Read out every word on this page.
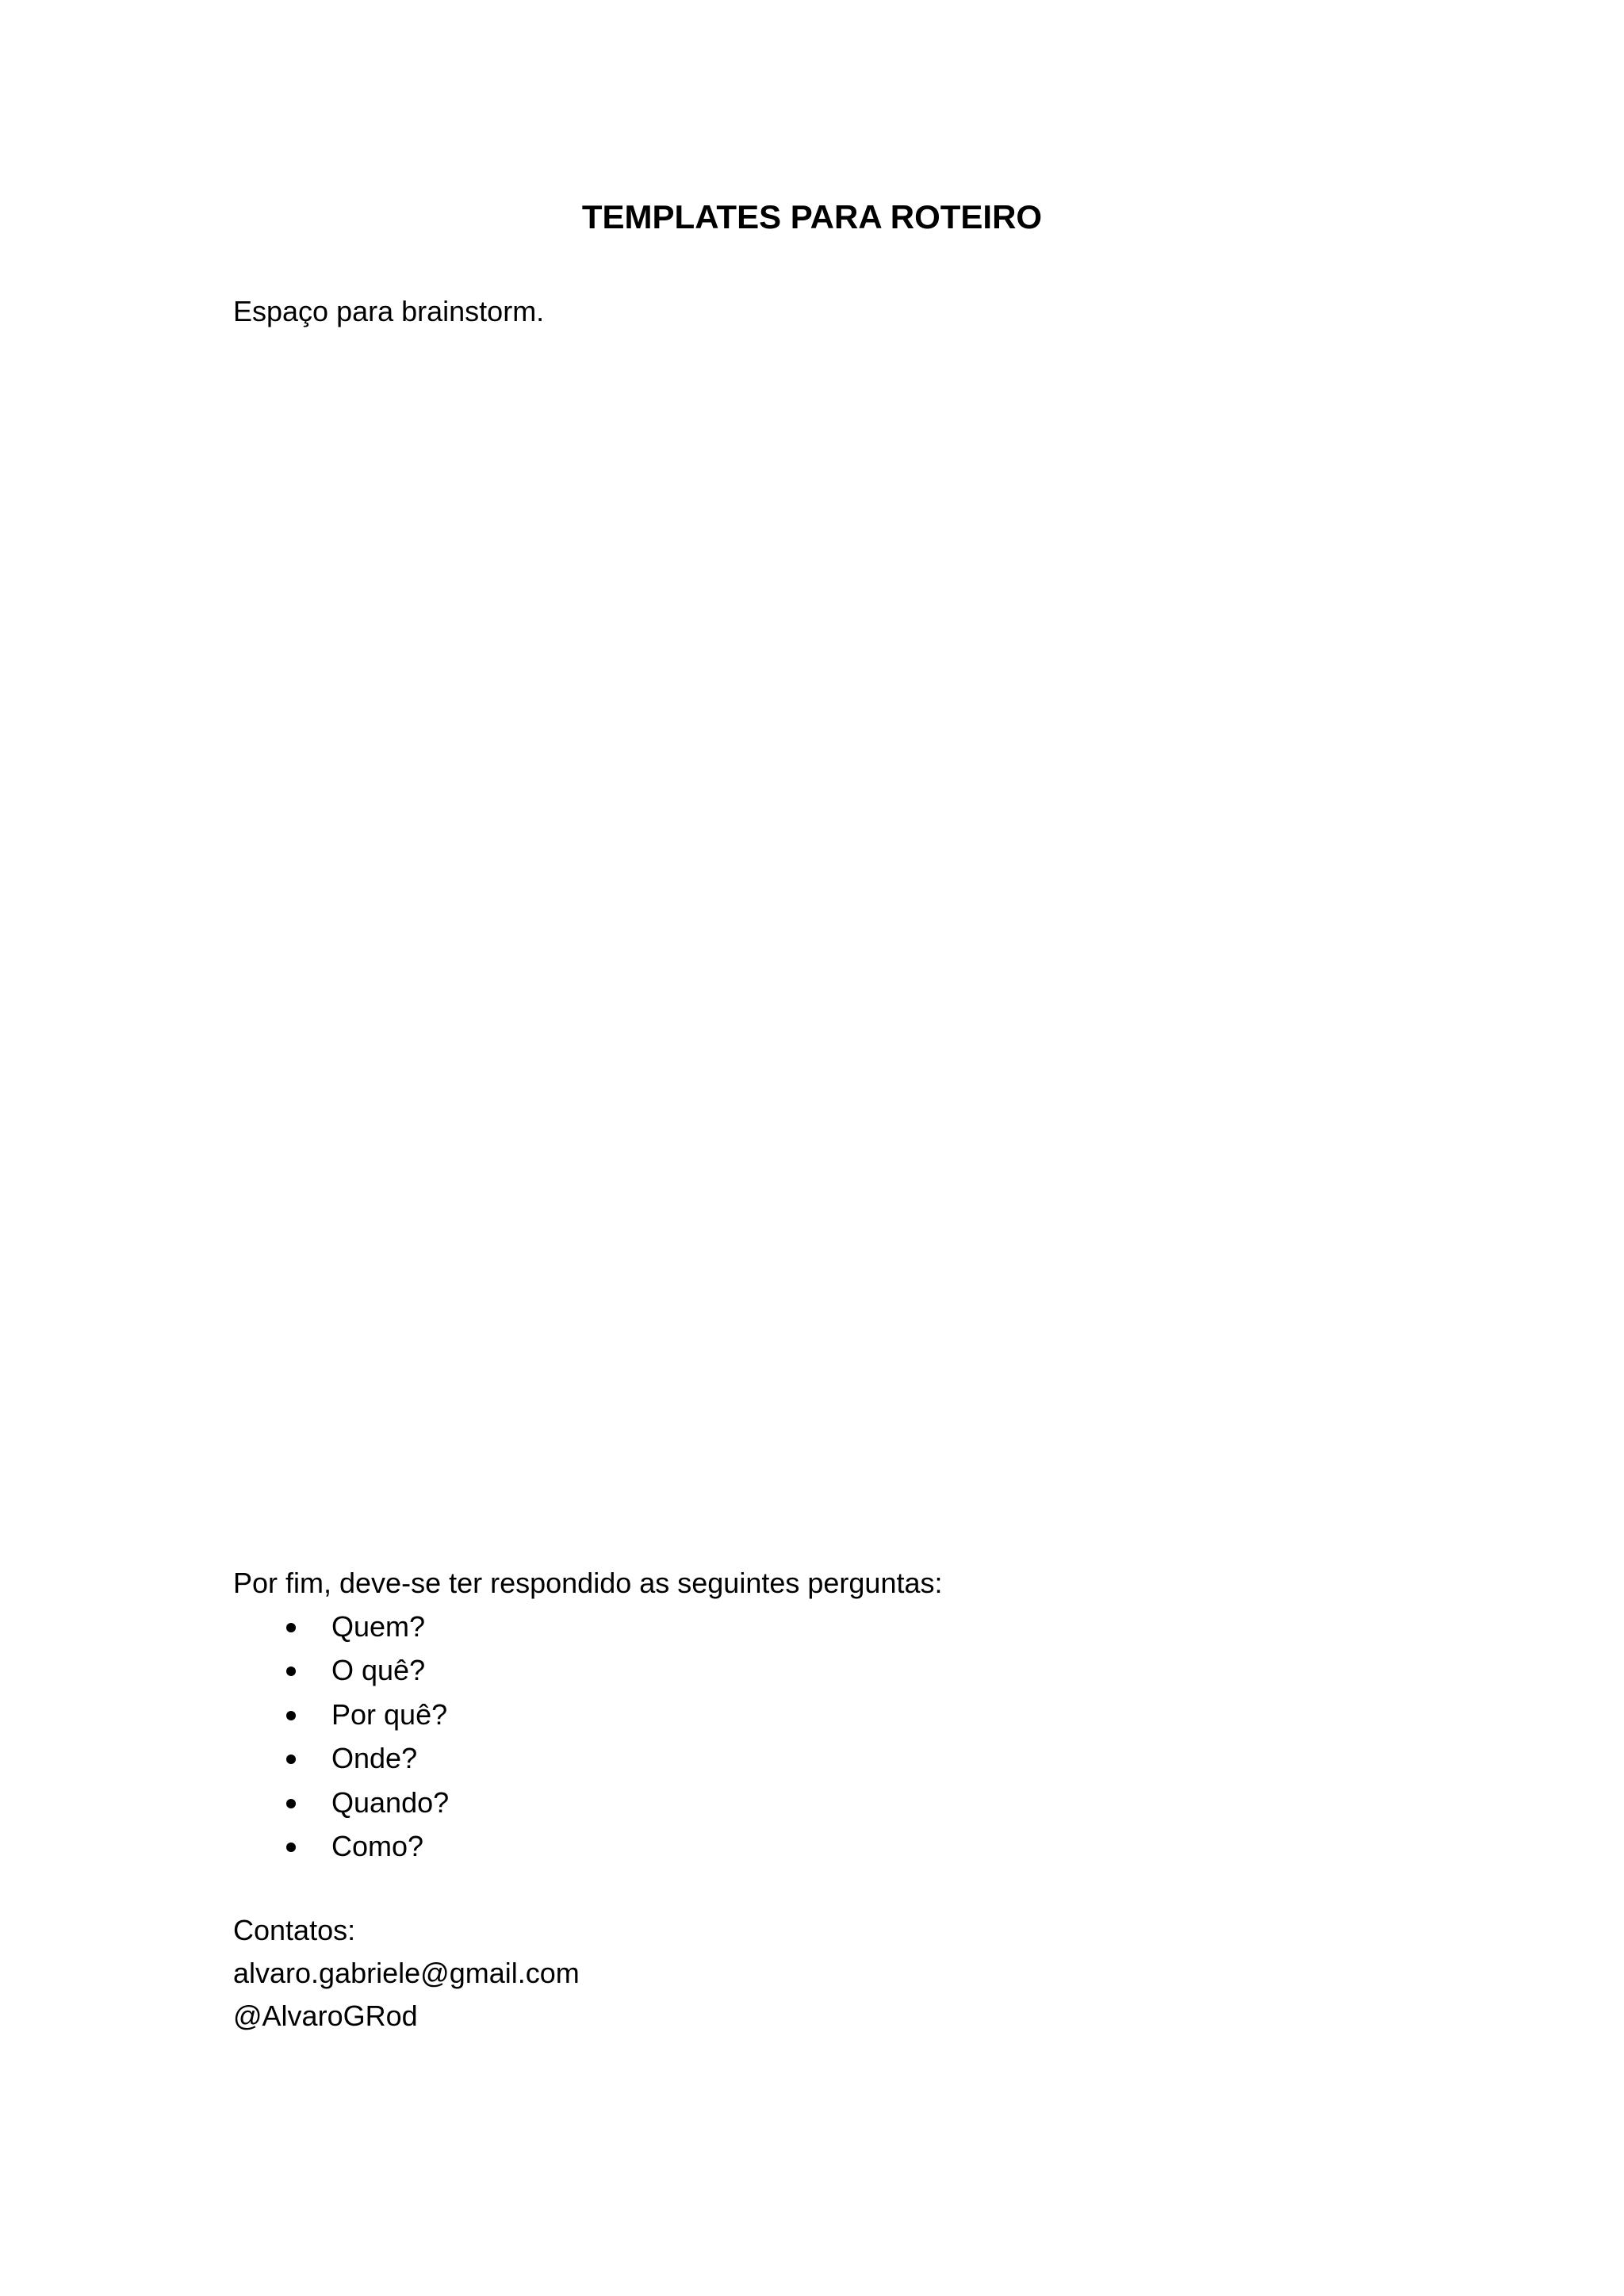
TEMPLATES PARA ROTEIRO

Espaço para brainstorm.

Por fim, deve-se ter respondido as seguintes perguntas:

Quem?
O quê?
Por quê?
Onde?
Quando?
Como?
Contatos:
alvaro.gabriele@gmail.com
@AlvaroGRod
